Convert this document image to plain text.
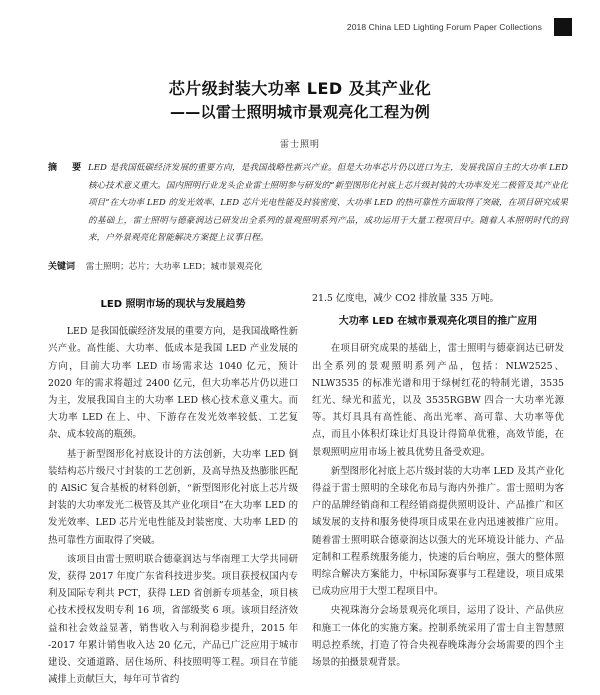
2018 China LED Lighting Forum Paper Collections
芯片级封装大功率 LED 及其产业化
——以雷士照明城市景观亮化工程为例
雷士照明
摘 要 LED 是我国低碳经济发展的重要方向，是我国战略性新兴产业。但是大功率芯片仍以进口为主，发展我国自主的大功率 LED 核心技术意义重大。国内照明行业龙头企业雷士照明参与研发的“新型图形化衬底上芯片级封装的大功率发光二极管及其产业化项目”在大功率 LED 的发光效率、LED 芯片光电性能及封装密度、大功率 LED 的热可靠性方面取得了突破，在项目研究成果的基础上，雷士照明与德豪润达已研发出全系列的景观照明系列产品，成功运用于大量工程项目中。随着人本照明时代的到来，户外景观亮化智能解决方案提上议事日程。
关键词 雷士照明；芯片；大功率 LED；城市景观亮化
LED 照明市场的现状与发展趋势

LED 是我国低碳经济发展的重要方向，是我国战略性新兴产业。高性能、大功率、低成本是我国 LED 产业发展的方向，目前大功率 LED 市场需求达 1040 亿元，预计 2020 年的需求将超过 2400 亿元，但大功率芯片仍以进口为主，发展我国自主的大功率 LED 核心技术意义重大。而大功率 LED 在上、中、下游存在发光效率较低、工艺复杂、成本较高的瓶颈。

基于新型图形化衬底设计的方法创新，大功率 LED 倒装结构芯片级尺寸封装的工艺创新，及高导热及热膨胀匹配的 AlSiC 复合基板的材料创新，“新型图形化衬底上芯片级封装的大功率发光二极管及其产业化项目”在大功率 LED 的发光效率、LED 芯片光电性能及封装密度、大功率 LED 的热可靠性方面取得了突破。

该项目由雷士照明联合德豪润达与华南理工大学共同研发，获得 2017 年度广东省科技进步奖。项目获授权国内专利及国际专利共 PCT，获得 LED 省创新专项基金，项目核心技术授权发明专利 16 项，省部级奖 6 项。该项目经济效益和社会效益显著，销售收入与利润稳步提升，2015 年 -2017 年累计销售收入达 20 亿元，产品已广泛应用于城市建设、交通道路、居住场所、科技照明等工程。项目在节能减排上贡献巨大，每年可节省约

21.5 亿度电，减少 CO2 排放量 335 万吨。

大功率 LED 在城市景观亮化项目的推广应用

在项目研究成果的基础上，雷士照明与德豪润达已研发出全系列的景观照明系列产品，包括：NLW2525、NLW3535 的标准光谱和用于绿树红花的特制光谱，3535 红光、绿光和蓝光，以及 3535RGBW 四合一大功率光源等。其灯具具有高性能、高出光率、高可靠、大功率等优点，而且小体积灯珠让灯具设计得简单优雅，高效节能，在景观照明应用市场上被具优势且备受欢迎。

新型图形化衬底上芯片级封装的大功率 LED 及其产业化得益于雷士照明的全球化布局与海内外推广。雷士照明为客户的品牌经销商和工程经销商提供照明设计、产品推广和区域发展的支持和服务使得项目成果在业内迅速被推广应用。随着雷士照明联合德豪润达以强大的光环境设计能力、产品定制和工程系统服务能力，快速的后台响应，强大的整体照明综合解决方案能力，中标国际赛事与工程建设，项目成果已成功应用于大型工程项目中。

央视珠海分会场景观亮化项目，运用了设计、产品供应和施工一体化的实施方案。控制系统采用了雷士自主智慧照明总控系统，打造了符合央视春晚珠海分会场需要的四个主场景的拍摄景观背景。
